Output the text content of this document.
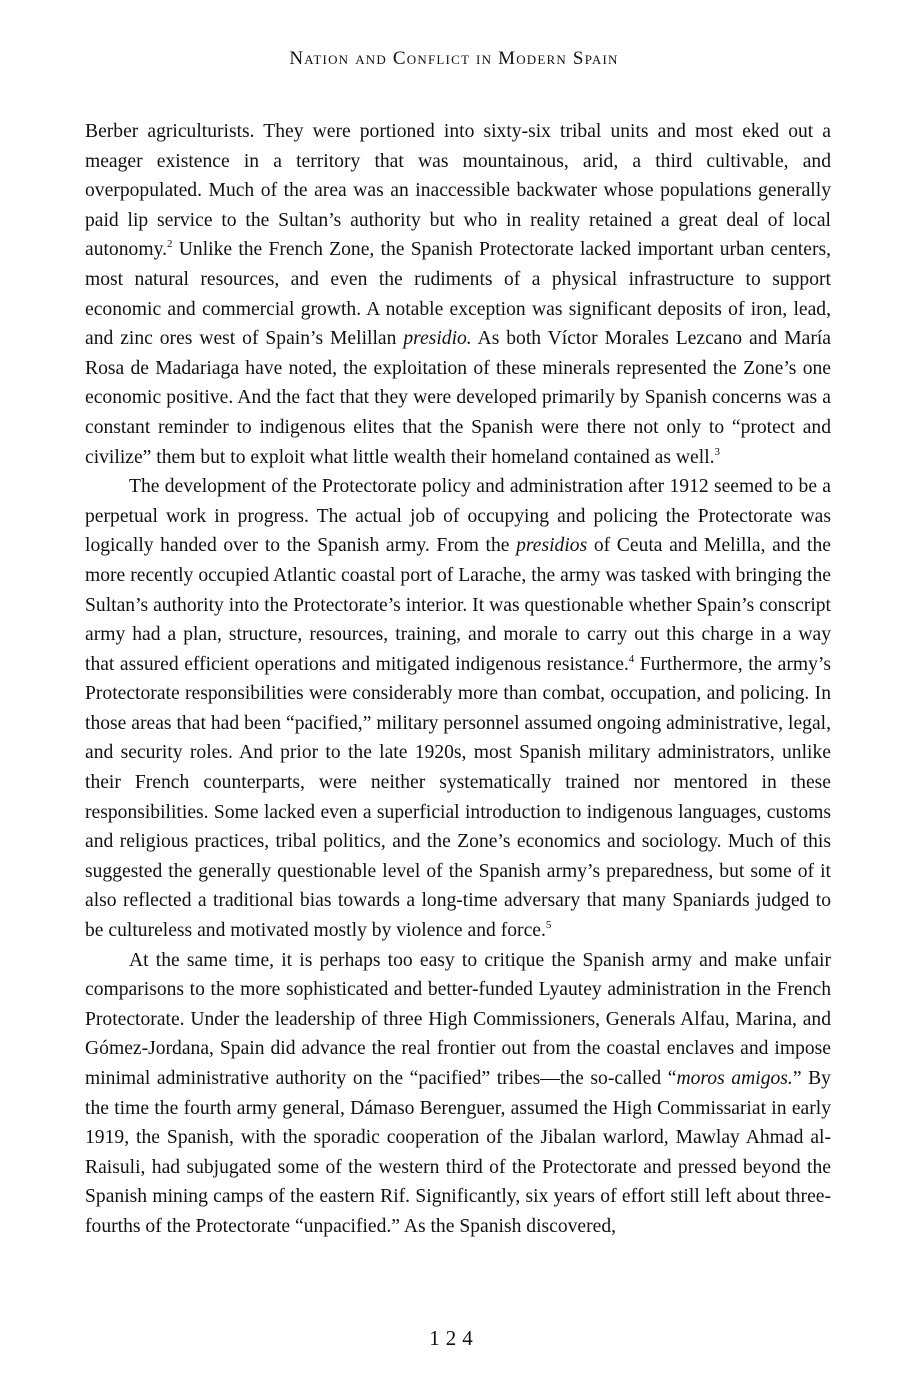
Nation and Conflict in Modern Spain

Berber agriculturists. They were portioned into sixty-six tribal units and most eked out a meager existence in a territory that was mountainous, arid, a third cultivable, and overpopulated. Much of the area was an inaccessible backwater whose populations generally paid lip service to the Sultan’s authority but who in reality retained a great deal of local autonomy.$^2$ Unlike the French Zone, the Spanish Protectorate lacked important urban centers, most natural resources, and even the rudiments of a physical infrastructure to support economic and commercial growth. A notable exception was significant deposits of iron, lead, and zinc ores west of Spain’s Melillan presidio. As both Víctor Morales Lezcano and María Rosa de Madariaga have noted, the exploitation of these minerals represented the Zone’s one economic positive. And the fact that they were developed primarily by Spanish concerns was a constant reminder to indigenous elites that the Spanish were there not only to “protect and civilize” them but to exploit what little wealth their homeland contained as well.$^3$

The development of the Protectorate policy and administration after 1912 seemed to be a perpetual work in progress. The actual job of occupying and policing the Protectorate was logically handed over to the Spanish army. From the presidios of Ceuta and Melilla, and the more recently occupied Atlantic coastal port of Larache, the army was tasked with bringing the Sultan’s authority into the Protectorate’s interior. It was questionable whether Spain’s conscript army had a plan, structure, resources, training, and morale to carry out this charge in a way that assured efficient operations and mitigated indigenous resistance.$^4$ Furthermore, the army’s Protectorate responsibilities were considerably more than combat, occupation, and policing. In those areas that had been “pacified,” military personnel assumed ongoing administrative, legal, and security roles. And prior to the late 1920s, most Spanish military administrators, unlike their French counterparts, were neither systematically trained nor mentored in these responsibilities. Some lacked even a superficial introduction to indigenous languages, customs and religious practices, tribal politics, and the Zone’s economics and sociology. Much of this suggested the generally questionable level of the Spanish army’s preparedness, but some of it also reflected a traditional bias towards a long-time adversary that many Spaniards judged to be cultureless and motivated mostly by violence and force.$^5$

At the same time, it is perhaps too easy to critique the Spanish army and make unfair comparisons to the more sophisticated and better-funded Lyautey administration in the French Protectorate. Under the leadership of three High Commissioners, Generals Alfau, Marina, and Gómez-Jordana, Spain did advance the real frontier out from the coastal enclaves and impose minimal administrative authority on the “pacified” tribes—the so-called “moros amigos.” By the time the fourth army general, Dámaso Berenguer, assumed the High Commissariat in early 1919, the Spanish, with the sporadic cooperation of the Jibalan warlord, Mawlay Ahmad al-Raisuli, had subjugated some of the western third of the Protectorate and pressed beyond the Spanish mining camps of the eastern Rif. Significantly, six years of effort still left about three-fourths of the Protectorate “unpacified.” As the Spanish discovered,

124
